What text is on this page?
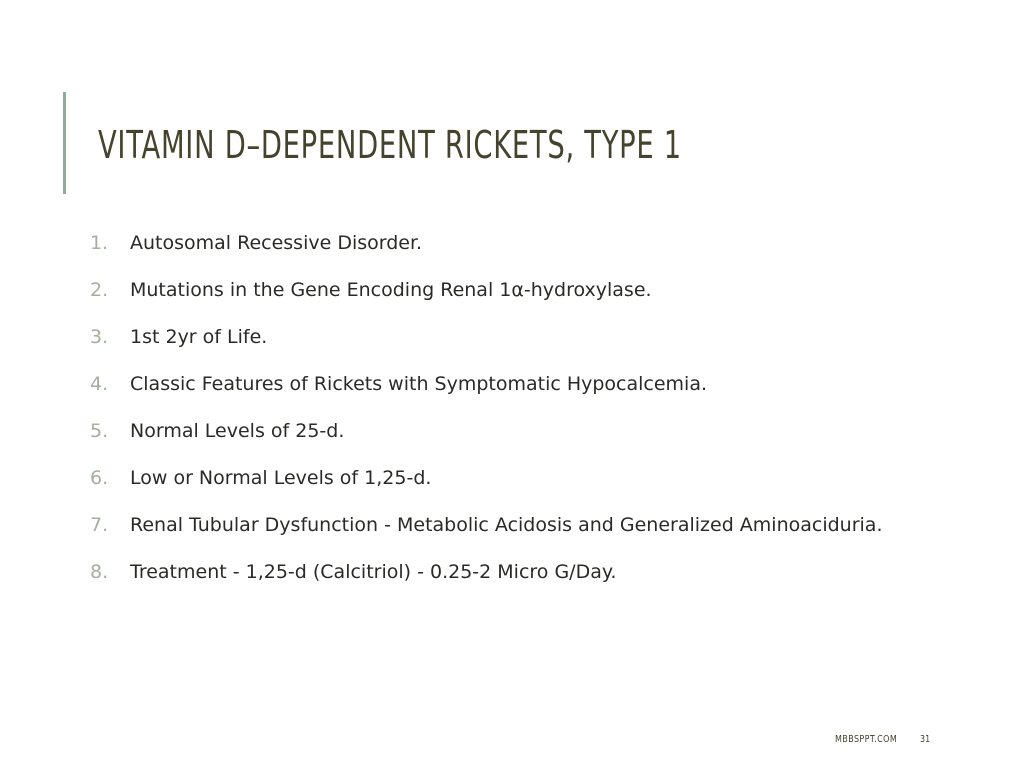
VITAMIN D–DEPENDENT RICKETS, TYPE 1
1.	Autosomal Recessive Disorder.
2.	Mutations in the Gene Encoding Renal 1α-hydroxylase.
3.	1st 2yr of Life.
4.	Classic Features of Rickets with Symptomatic Hypocalcemia.
5.	Normal Levels of 25-d.
6.	Low or Normal Levels of 1,25-d.
7.	Renal Tubular Dysfunction - Metabolic Acidosis and Generalized Aminoaciduria.
8.	Treatment - 1,25-d (Calcitriol) - 0.25-2 Micro G/Day.
MBBSPPT.COM 31
